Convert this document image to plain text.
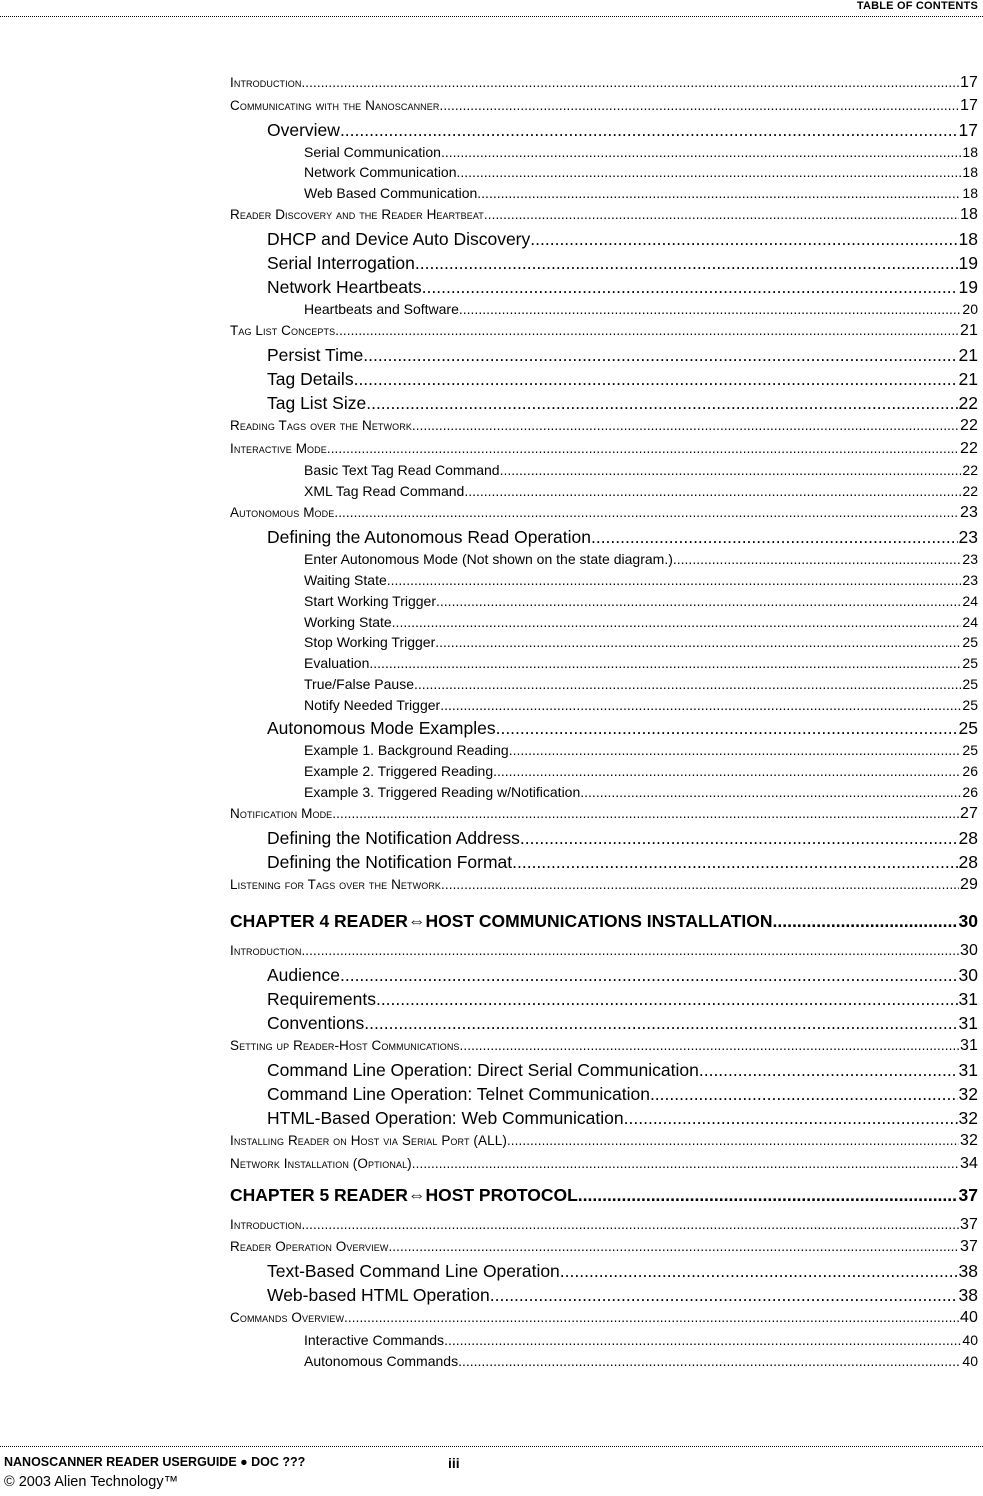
TABLE OF CONTENTS
Introduction .....	17
Communicating with the Nanoscanner .....	17
Overview .....	17
Serial Communication .....	18
Network Communication .....	18
Web Based Communication .....	18
Reader Discovery and the Reader Heartbeat .....	18
DHCP and Device Auto Discovery .....	18
Serial Interrogation .....	19
Network Heartbeats .....	19
Heartbeats and Software .....	20
Tag List Concepts .....	21
Persist Time .....	21
Tag Details .....	21
Tag List Size .....	22
Reading Tags over the Network .....	22
Interactive Mode .....	22
Basic Text Tag Read Command .....	22
XML Tag Read Command .....	22
Autonomous Mode .....	23
Defining the Autonomous Read Operation .....	23
Enter Autonomous Mode (Not shown on the state diagram.) .....	23
Waiting State .....	23
Start Working Trigger .....	24
Working State .....	24
Stop Working Trigger .....	25
Evaluation .....	25
True/False Pause .....	25
Notify Needed Trigger .....	25
Autonomous Mode Examples .....	25
Example 1. Background Reading .....	25
Example 2. Triggered Reading .....	26
Example 3. Triggered Reading w/Notification .....	26
Notification Mode .....	27
Defining the Notification Address .....	28
Defining the Notification Format .....	28
Listening for Tags over the Network .....	29
CHAPTER 4 READER⇔HOST COMMUNICATIONS INSTALLATION .....	30
Introduction .....	30
Audience .....	30
Requirements .....	31
Conventions .....	31
Setting up Reader-Host Communications .....	31
Command Line Operation: Direct Serial Communication .....	31
Command Line Operation: Telnet Communication .....	32
HTML-Based Operation: Web Communication .....	32
Installing Reader on Host via Serial Port (ALL) .....	32
Network Installation (Optional) .....	34
CHAPTER 5 READER⇔HOST PROTOCOL .....	37
Introduction .....	37
Reader Operation Overview .....	37
Text-Based Command Line Operation .....	38
Web-based HTML Operation .....	38
Commands Overview .....	40
Interactive Commands .....	40
Autonomous Commands .....	40
NANOSCANNER READER USERGUIDE ● DOC ???	iii
© 2003 Alien Technology™
